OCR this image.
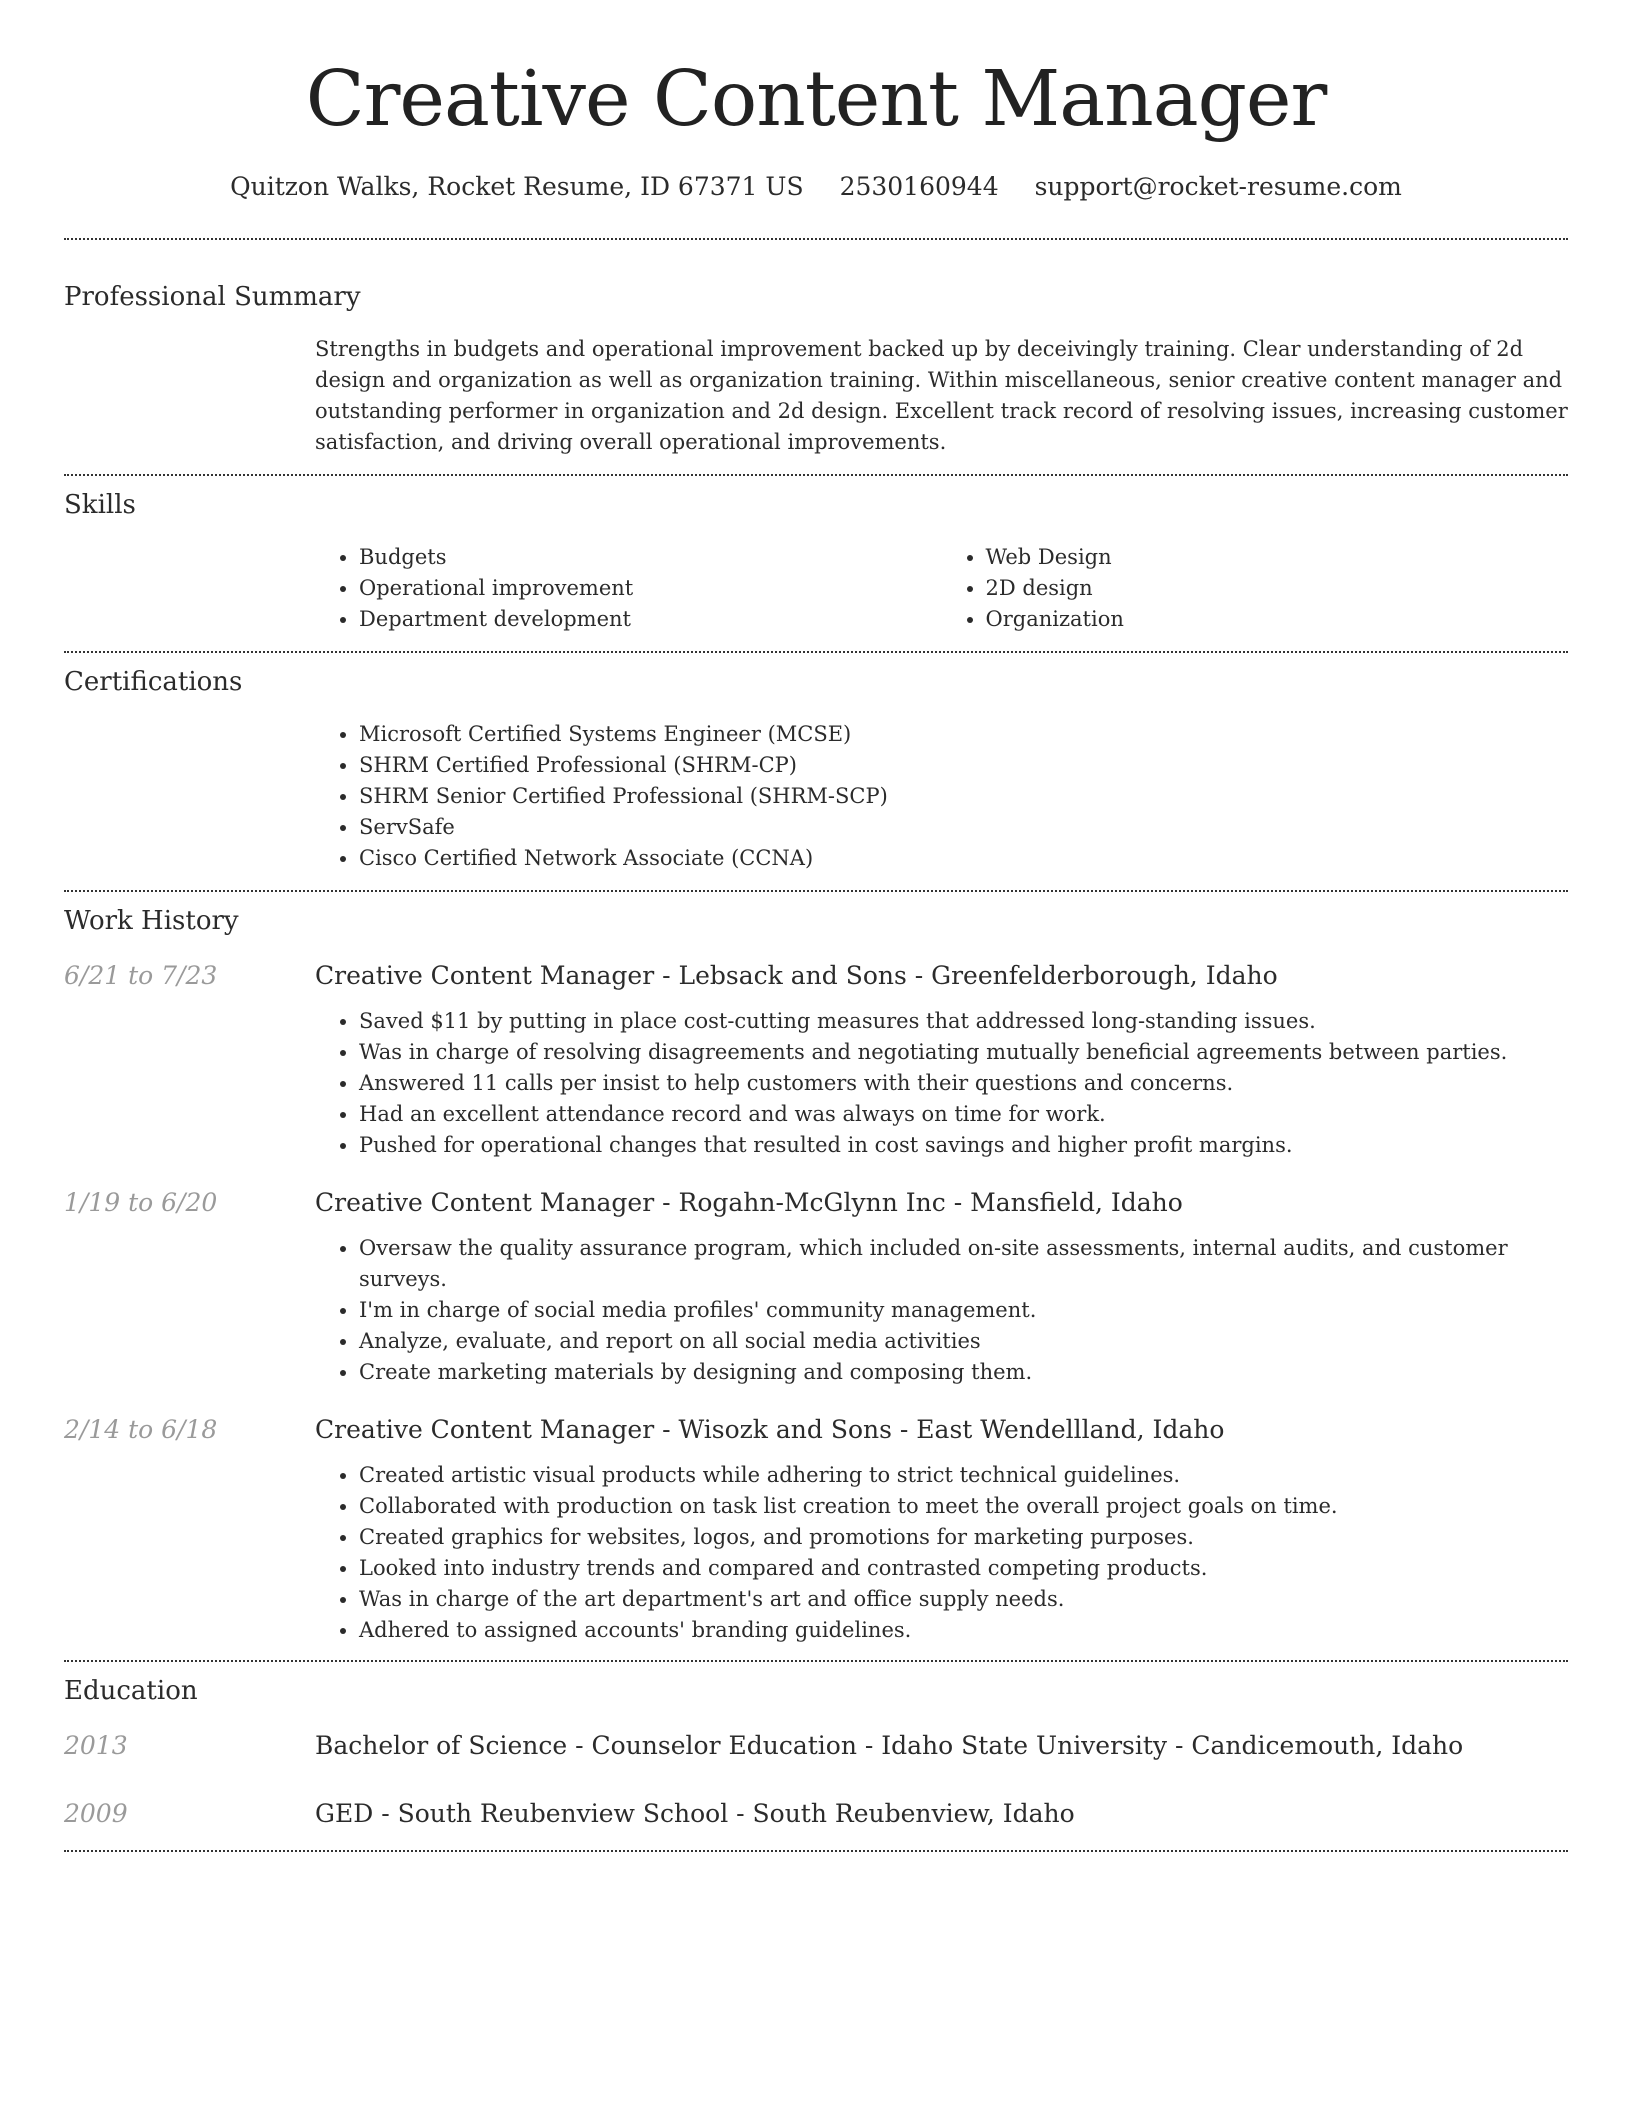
Creative Content Manager
Quitzon Walks, Rocket Resume, ID 67371 US 2530160944 support@rocket-resume.com
Professional Summary

Strengths in budgets and operational improvement backed up by deceivingly training. Clear understanding of 2d design and organization as well as organization training. Within miscellaneous, senior creative content manager and outstanding performer in organization and 2d design. Excellent track record of resolving issues, increasing customer satisfaction, and driving overall operational improvements.

Skills
• Budgets
• Operational improvement
• Department development
• Web Design
• 2D design
• Organization
Certifications
• Microsoft Certified Systems Engineer (MCSE)
• SHRM Certified Professional (SHRM-CP)
• SHRM Senior Certified Professional (SHRM-SCP)
• ServSafe
• Cisco Certified Network Associate (CCNA)
Work History
6/21 to 7/23	Creative Content Manager - Lebsack and Sons - Greenfelderborough, Idaho
• Saved $11 by putting in place cost-cutting measures that addressed long-standing issues.
• Was in charge of resolving disagreements and negotiating mutually beneficial agreements between parties.
• Answered 11 calls per insist to help customers with their questions and concerns.
• Had an excellent attendance record and was always on time for work.
• Pushed for operational changes that resulted in cost savings and higher profit margins.
1/19 to 6/20	Creative Content Manager - Rogahn-McGlynn Inc - Mansfield, Idaho
• Oversaw the quality assurance program, which included on-site assessments, internal audits, and customer surveys.
• I'm in charge of social media profiles' community management.
• Analyze, evaluate, and report on all social media activities
• Create marketing materials by designing and composing them.
2/14 to 6/18	Creative Content Manager - Wisozk and Sons - East Wendellland, Idaho
• Created artistic visual products while adhering to strict technical guidelines.
• Collaborated with production on task list creation to meet the overall project goals on time.
• Created graphics for websites, logos, and promotions for marketing purposes.
• Looked into industry trends and compared and contrasted competing products.
• Was in charge of the art department's art and office supply needs.
• Adhered to assigned accounts' branding guidelines.
Education
2013	Bachelor of Science - Counselor Education - Idaho State University - Candicemouth, Idaho
2009	GED - South Reubenview School - South Reubenview, Idaho
